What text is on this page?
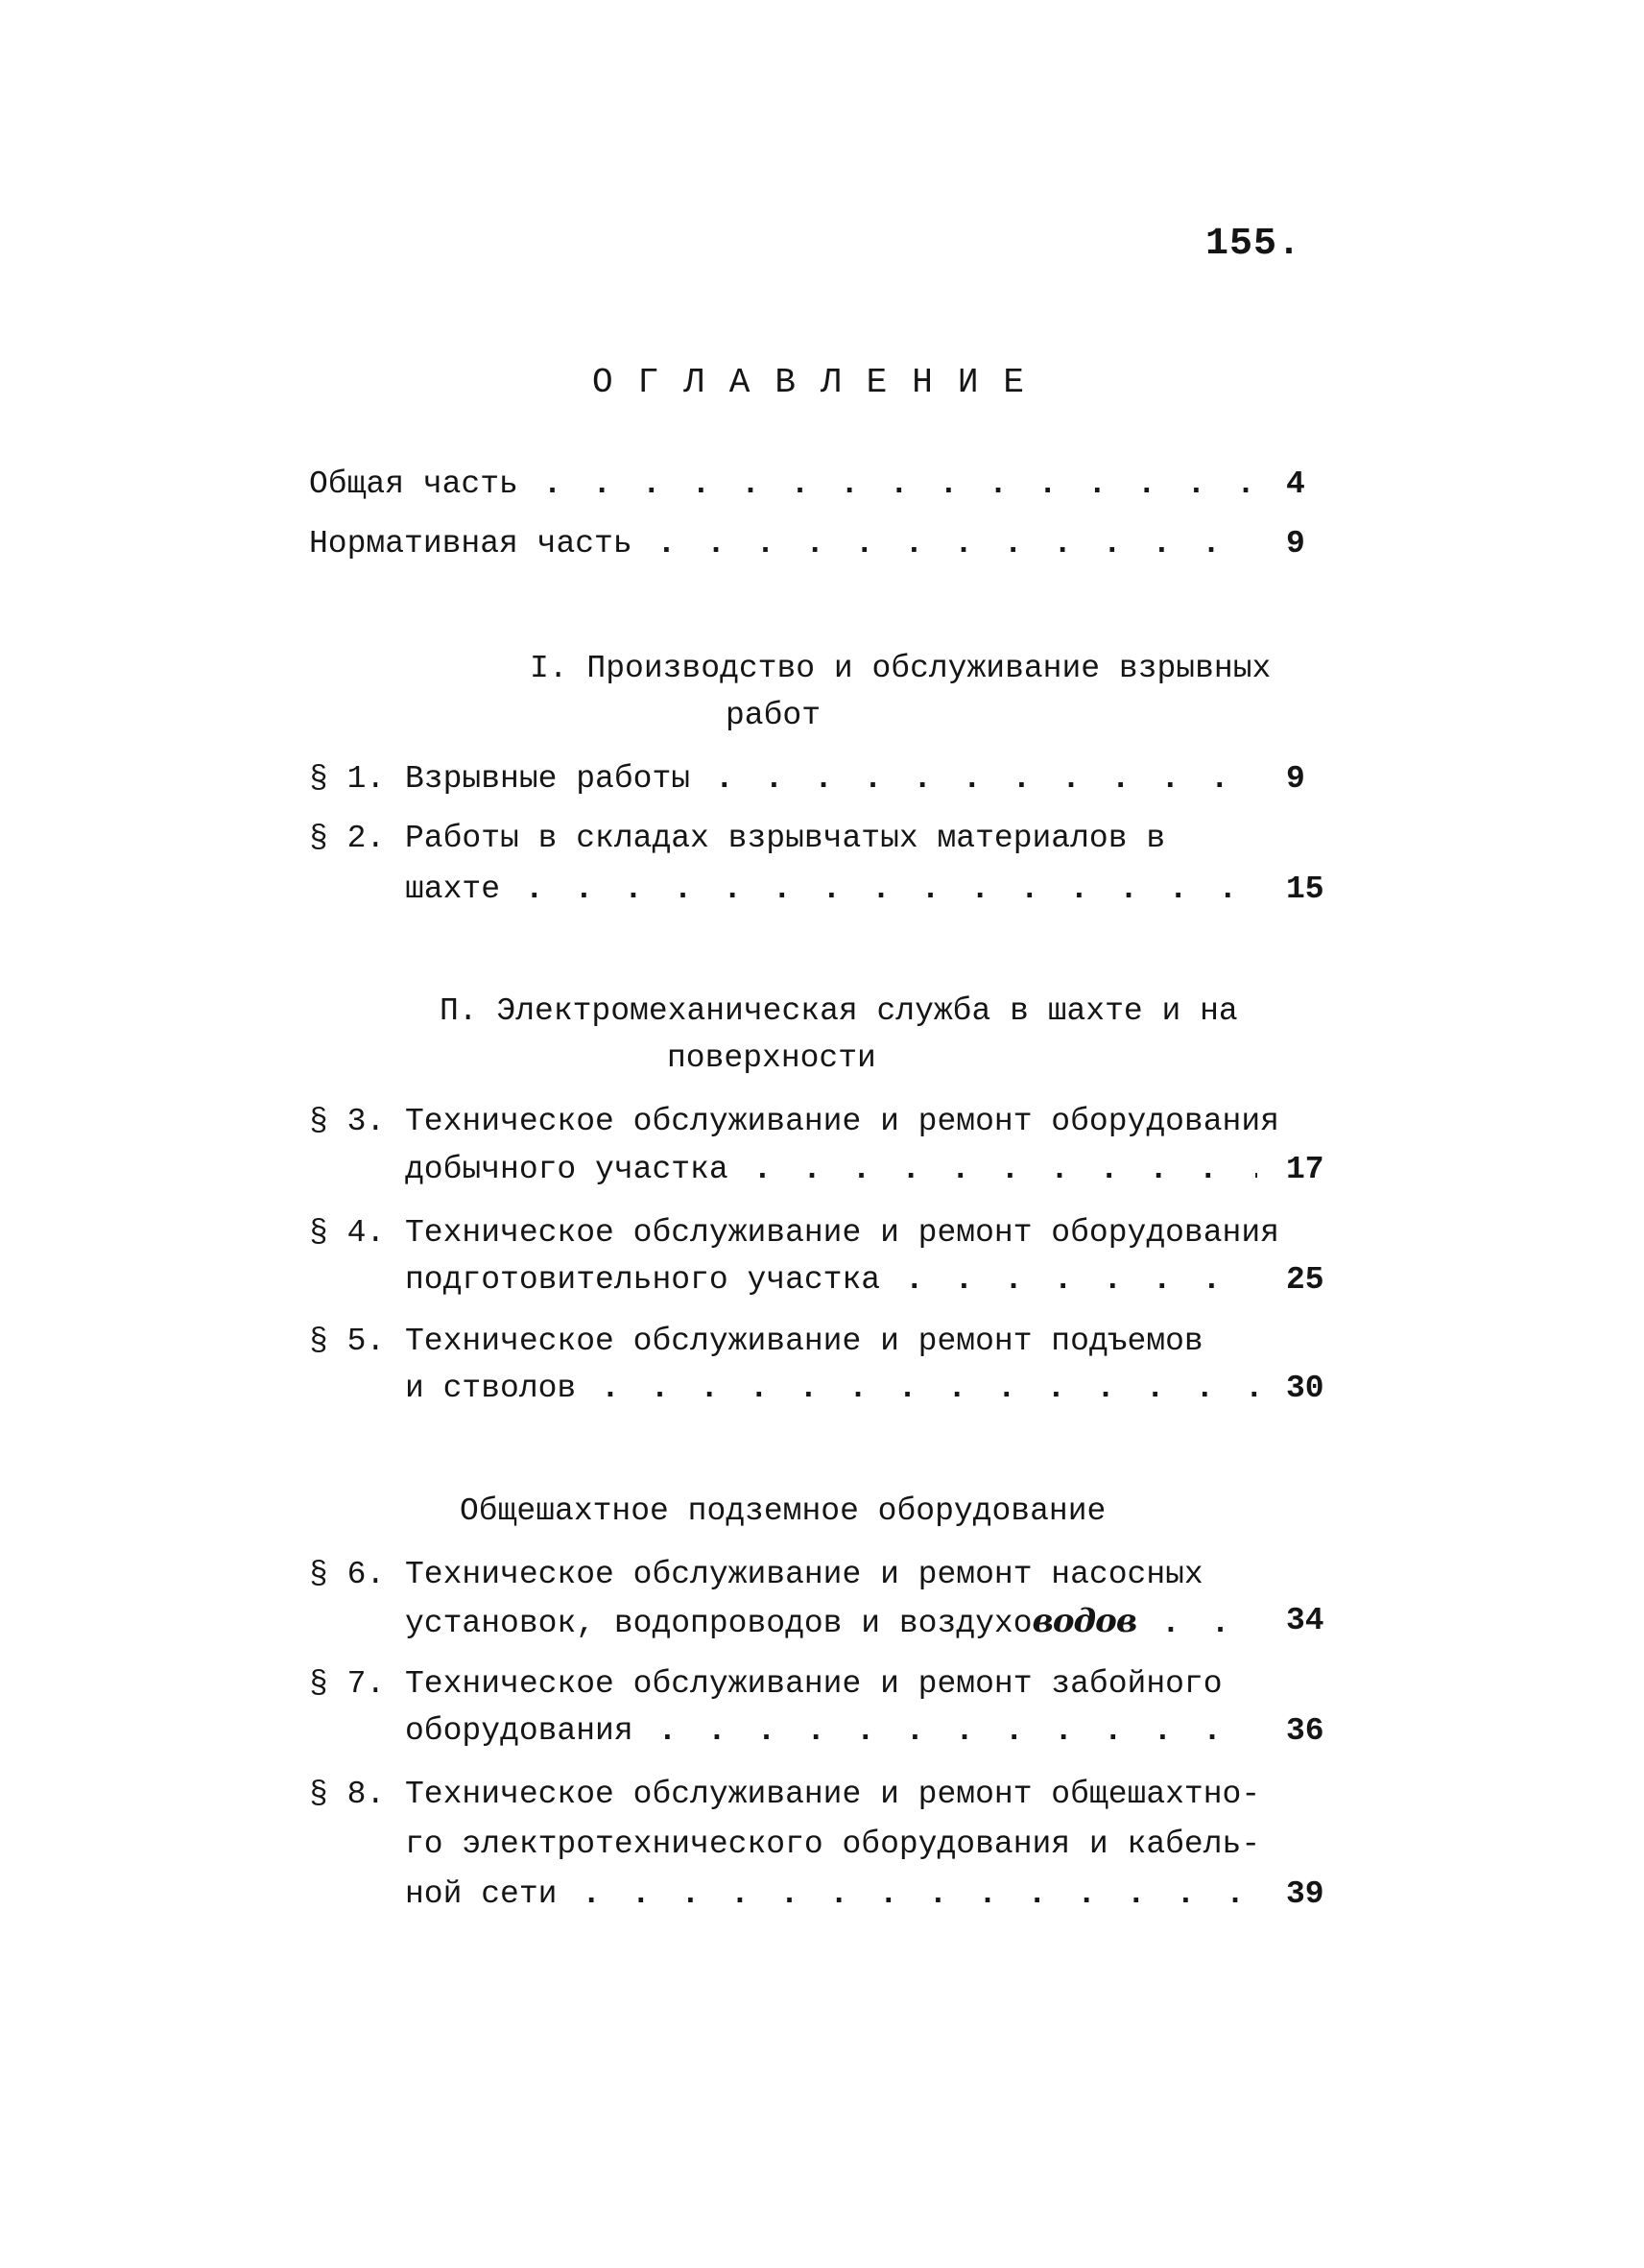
155.
ОГЛАВЛЕНИЕ
Общая часть . . .	4
Нормативная часть . . .	9
I. Производство и обслуживание взрывных
работ
§ 1. Взрывные работы . . .	9
§ 2. Работы в складах взрывчатых материалов в
шахте . . .	15
П. Электромеханическая служба в шахте и на
поверхности
§ 3. Техническое обслуживание и ремонт оборудования
добычного участка . . .	17
§ 4. Техническое обслуживание и ремонт оборудования
подготовительного участка . . .	25
§ 5. Техническое обслуживание и ремонт подъемов
и стволов . . .	30
Общешахтное подземное оборудование
§ 6. Техническое обслуживание и ремонт насосных
установок, водопроводов и воздуховодов . . .	34
§ 7. Техническое обслуживание и ремонт забойного
оборудования . . .	36
§ 8. Техническое обслуживание и ремонт общешахтно-
го электротехнического оборудования и кабель-
ной сети . . .	39
